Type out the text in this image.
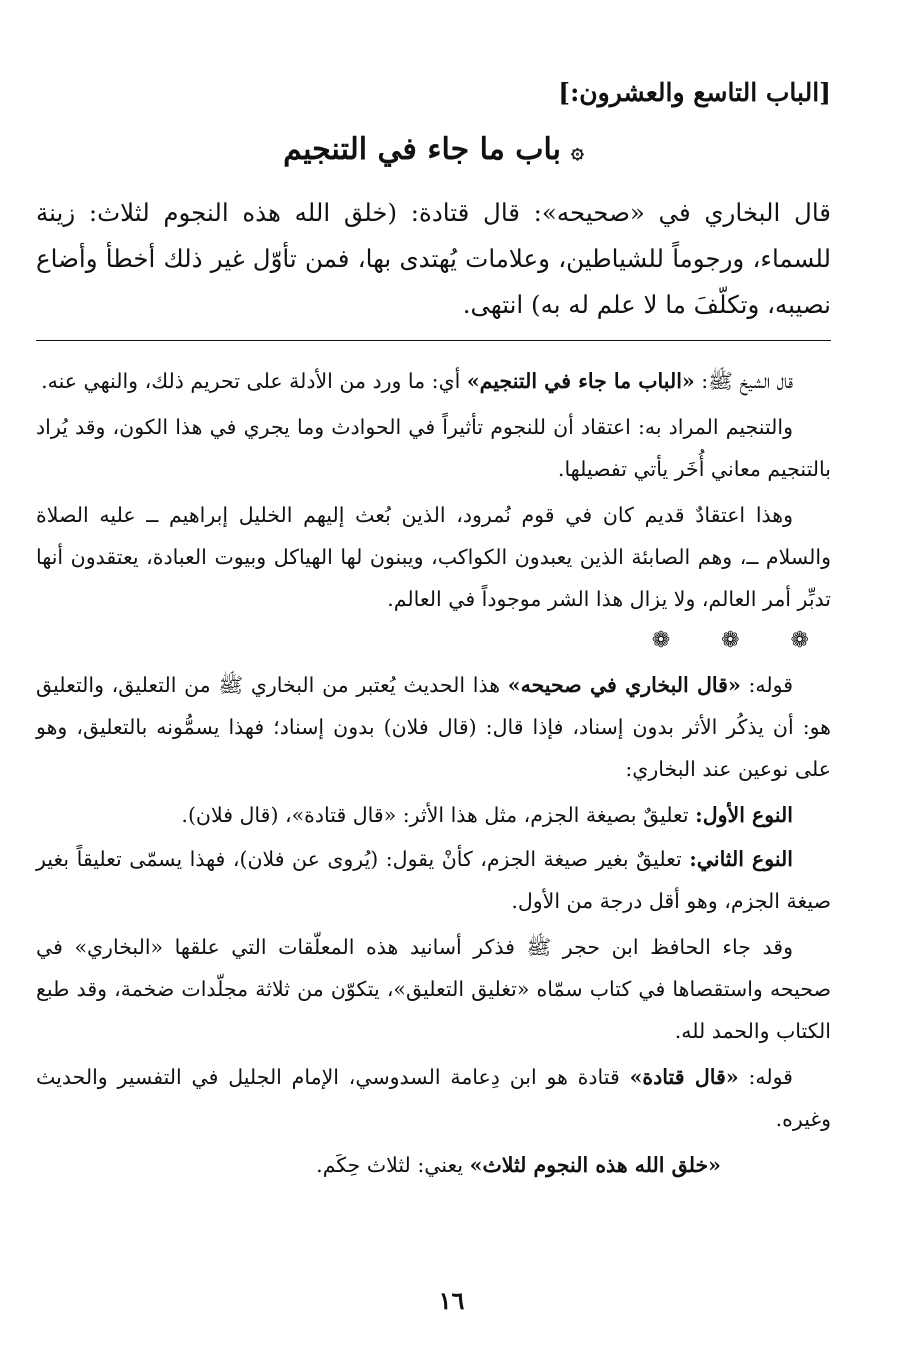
[الباب التاسع والعشرون:]
۞باب ما جاء في التنجيم
قال البخاري في «صحيحه»: قال قتادة: (خلق الله هذه النجوم لثلاث: زينة للسماء، ورجوماً للشياطين، وعلامات يُهتدى بها، فمن تأوّل غير ذلك أخطأ وأضاع نصيبه، وتكلّفَ ما لا علم له به) انتهى.

قال الشيخ ﷺ: «الباب ما جاء في التنجيم» أي: ما ورد من الأدلة على تحريم ذلك، والنهي عنه.

والتنجيم المراد به: اعتقاد أن للنجوم تأثيراً في الحوادث وما يجري في هذا الكون، وقد يُراد بالتنجيم معاني أُخَر يأتي تفصيلها.

وهذا اعتقادٌ قديم كان في قوم نُمرود، الذين بُعث إليهم الخليل إبراهيم ــ عليه الصلاة والسلام ــ، وهم الصابئة الذين يعبدون الكواكب، ويبنون لها الهياكل وبيوت العبادة، يعتقدون أنها تدبِّر أمر العالم، ولا يزال هذا الشر موجوداً في العالم.

❁ ❁ ❁

قوله: «قال البخاري في صحيحه» هذا الحديث يُعتبر من البخاري ﷺ من التعليق، والتعليق هو: أن يذكُر الأثر بدون إسناد، فإذا قال: (قال فلان) بدون إسناد؛ فهذا يسمُّونه بالتعليق، وهو على نوعين عند البخاري:

النوع الأول: تعليقٌ بصيغة الجزم، مثل هذا الأثر: «قال قتادة»، (قال فلان).

النوع الثاني: تعليقٌ بغير صيغة الجزم، كأنْ يقول: (يُروى عن فلان)، فهذا يسمّى تعليقاً بغير صيغة الجزم، وهو أقل درجة من الأول.

وقد جاء الحافظ ابن حجر ﷺ فذكر أسانيد هذه المعلّقات التي علقها «البخاري» في صحيحه واستقصاها في كتاب سمّاه «تغليق التعليق»، يتكوّن من ثلاثة مجلّدات ضخمة، وقد طبع الكتاب والحمد لله.

قوله: «قال قتادة» قتادة هو ابن دِعامة السدوسي، الإمام الجليل في التفسير والحديث وغيره.

«خلق الله هذه النجوم لثلاث» يعني: لثلاث حِكَم.

١٦
